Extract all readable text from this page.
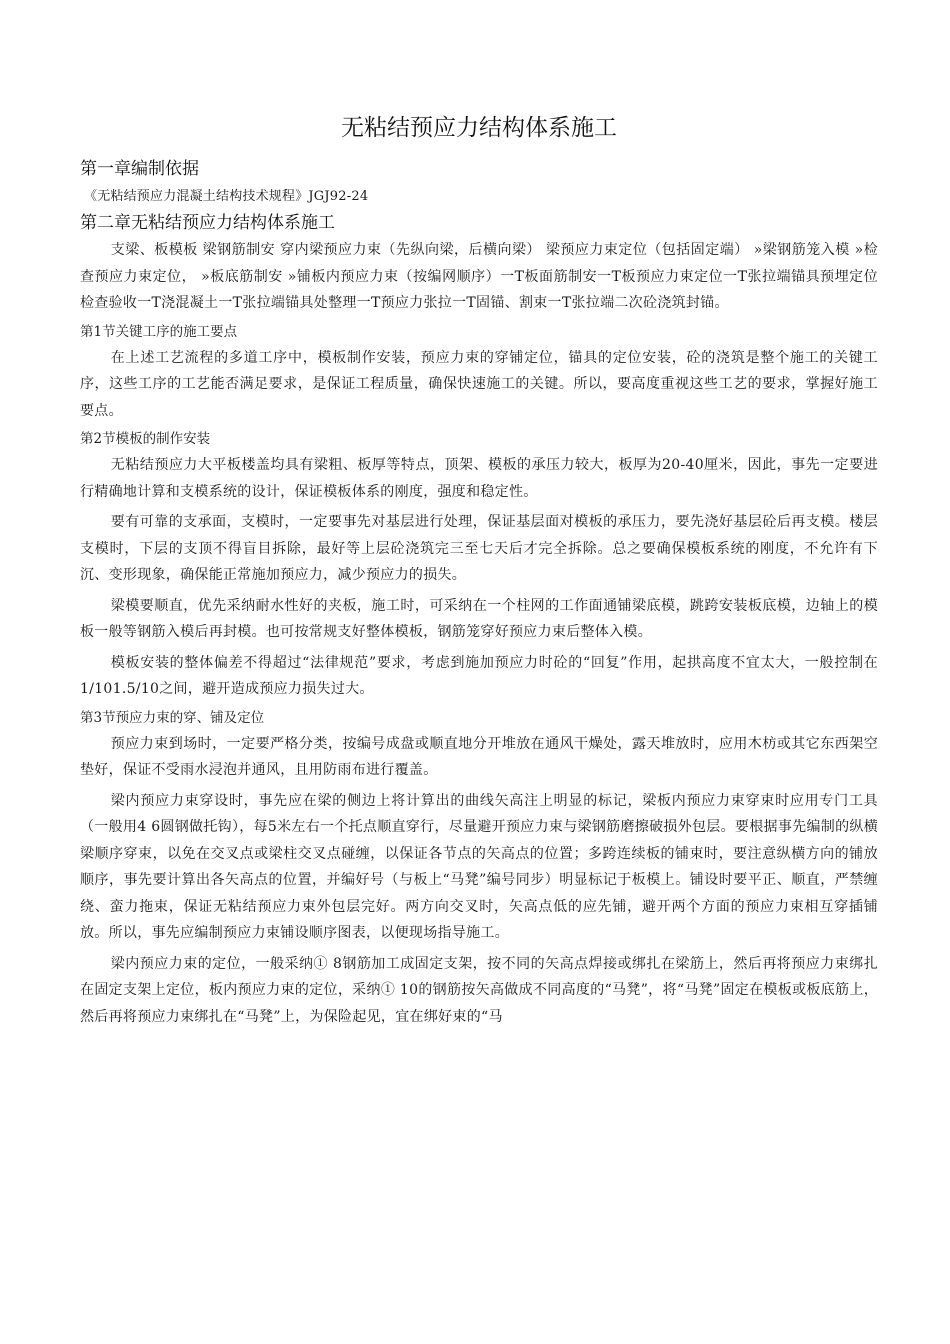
无粘结预应力结构体系施工
第一章编制依据

《无粘结预应力混凝土结构技术规程》JGJ92-24

第二章无粘结预应力结构体系施工

支梁、板模板 梁钢筋制安 穿内梁预应力束（先纵向梁，后横向梁） 梁预应力束定位（包括固定端） »梁钢筋笼入模 »检查预应力束定位， »板底筋制安 »铺板内预应力束（按编网顺序）一T板面筋制安一T板预应力束定位一T张拉端锚具预埋定位检查验收一T浇混凝土一T张拉端锚具处整理一T预应力张拉一T固锚、割束一T张拉端二次砼浇筑封锚。

第1节关键工序的施工要点

在上述工艺流程的多道工序中，模板制作安装，预应力束的穿铺定位，锚具的定位安装，砼的浇筑是整个施工的关键工序，这些工序的工艺能否满足要求，是保证工程质量，确保快速施工的关键。所以，要高度重视这些工艺的要求，掌握好施工要点。

第2节模板的制作安装

无粘结预应力大平板楼盖均具有梁粗、板厚等特点，顶架、模板的承压力较大，板厚为20-40厘米，因此，事先一定要进行精确地计算和支模系统的设计，保证模板体系的刚度，强度和稳定性。

要有可靠的支承面，支模时，一定要事先对基层进行处理，保证基层面对模板的承压力，要先浇好基层砼后再支模。楼层支模时，下层的支顶不得盲目拆除，最好等上层砼浇筑完三至七天后才完全拆除。总之要确保模板系统的刚度，不允许有下沉、变形现象，确保能正常施加预应力，减少预应力的损失。

梁模要顺直，优先采纳耐水性好的夹板，施工时，可采纳在一个柱网的工作面通铺梁底模，跳跨安装板底模，边轴上的模板一般等钢筋入模后再封模。也可按常规支好整体模板，钢筋笼穿好预应力束后整体入模。

模板安装的整体偏差不得超过“法律规范”要求，考虑到施加预应力时砼的“回复”作用，起拱高度不宜太大，一般控制在1/101.5/10之间，避开造成预应力损失过大。

第3节预应力束的穿、铺及定位

预应力束到场时，一定要严格分类，按编号成盘或顺直地分开堆放在通风干燥处，露天堆放时，应用木枋或其它东西架空垫好，保证不受雨水浸泡并通风，且用防雨布进行覆盖。

梁内预应力束穿设时，事先应在梁的侧边上将计算出的曲线矢高注上明显的标记，梁板内预应力束穿束时应用专门工具（一般用4 6圆钢做托钩），每5米左右一个托点顺直穿行，尽量避开预应力束与梁钢筋磨擦破损外包层。要根据事先编制的纵横梁顺序穿束，以免在交叉点或梁柱交叉点碰缠，以保证各节点的矢高点的位置；多跨连续板的铺束时，要注意纵横方向的铺放顺序，事先要计算出各矢高点的位置，并编好号（与板上“马凳”编号同步）明显标记于板模上。铺设时要平正、顺直，严禁缠绕、蛮力拖束，保证无粘结预应力束外包层完好。两方向交叉时，矢高点低的应先铺，避开两个方面的预应力束相互穿插铺放。所以，事先应编制预应力束铺设顺序图表，以便现场指导施工。

梁内预应力束的定位，一般采纳① 8钢筋加工成固定支架，按不同的矢高点焊接或绑扎在梁筋上，然后再将预应力束绑扎在固定支架上定位，板内预应力束的定位，采纳① 10的钢筋按矢高做成不同高度的“马凳”，将“马凳”固定在模板或板底筋上，然后再将预应力束绑扎在“马凳”上，为保险起见，宜在绑好束的“马
